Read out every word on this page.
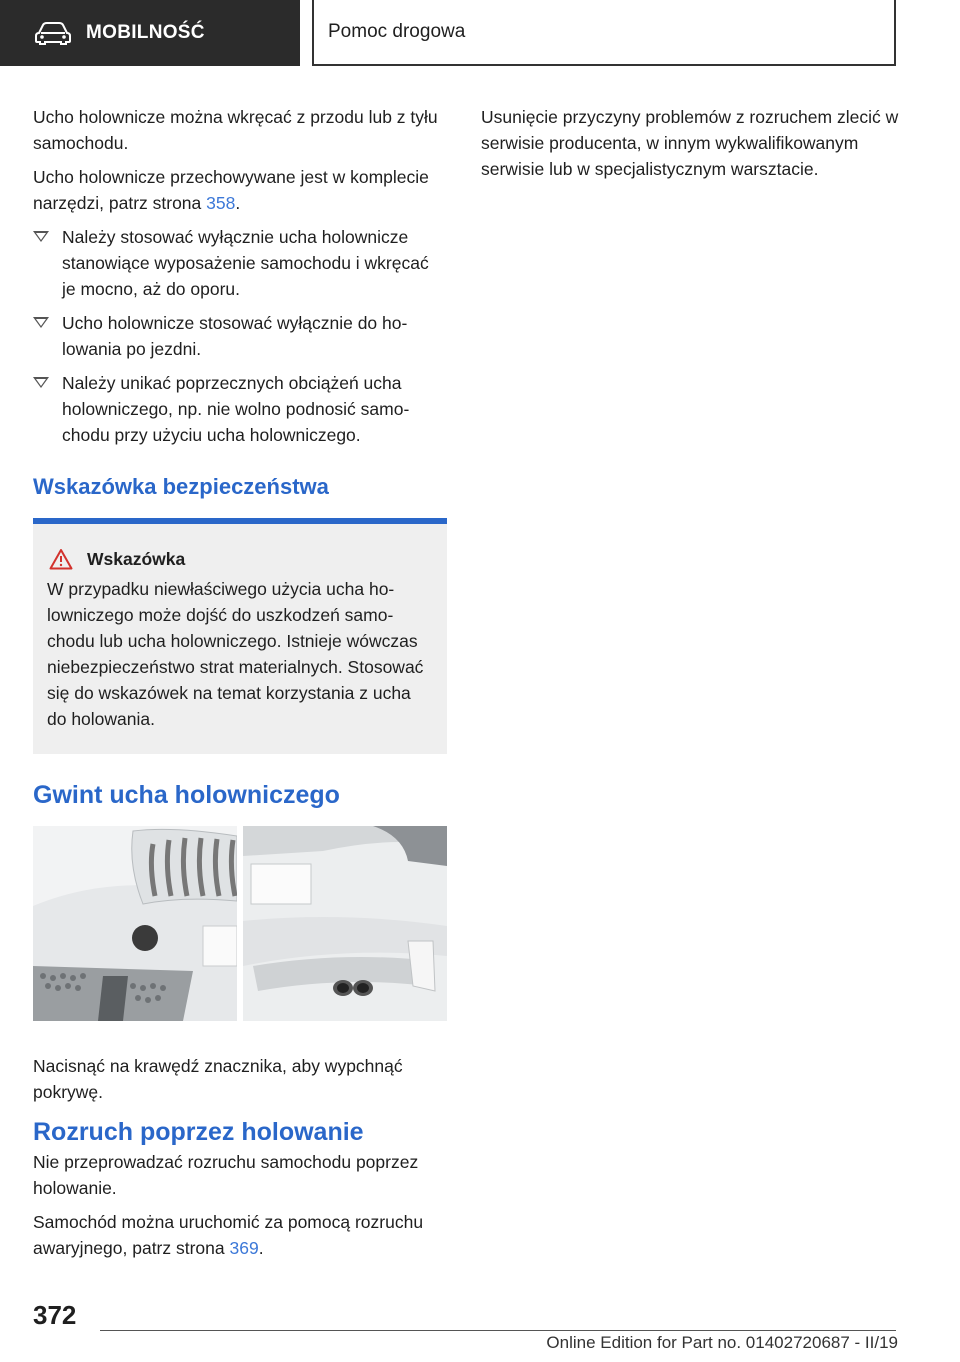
MOBILNOŚĆ	Pomoc drogowa

Ucho holownicze można wkręcać z przodu lub z tyłu samochodu.

Ucho holownicze przechowywane jest w komplecie narzędzi, patrz strona 358.

Należy stosować wyłącznie ucha holownicze stanowiące wyposażenie samochodu i wkręcać je mocno, aż do oporu.
Ucho holownicze stosować wyłącznie do holowania po jezdni.
Należy unikać poprzecznych obciążeń ucha holowniczego, np. nie wolno podnosić samochodu przy użyciu ucha holowniczego.
Wskazówka bezpieczeństwa
Wskazówka

W przypadku niewłaściwego użycia ucha holowniczego może dojść do uszkodzeń samochodu lub ucha holowniczego. Istnieje wówczas niebezpieczeństwo strat materialnych. Stosować się do wskazówek na temat korzystania z ucha do holowania.

Gwint ucha holowniczego

Nacisnąć na krawędź znacznika, aby wypchnąć pokrywę.

Rozruch poprzez holowanie

Nie przeprowadzać rozruchu samochodu poprzez holowanie.

Samochód można uruchomić za pomocą rozruchu awaryjnego, patrz strona 369.

Usunięcie przyczyny problemów z rozruchem zlecić w serwisie producenta, w innym wykwalifikowanym serwisie lub w specjalistycznym warsztacie.

372
Online Edition for Part no. 01402720687 - II/19
